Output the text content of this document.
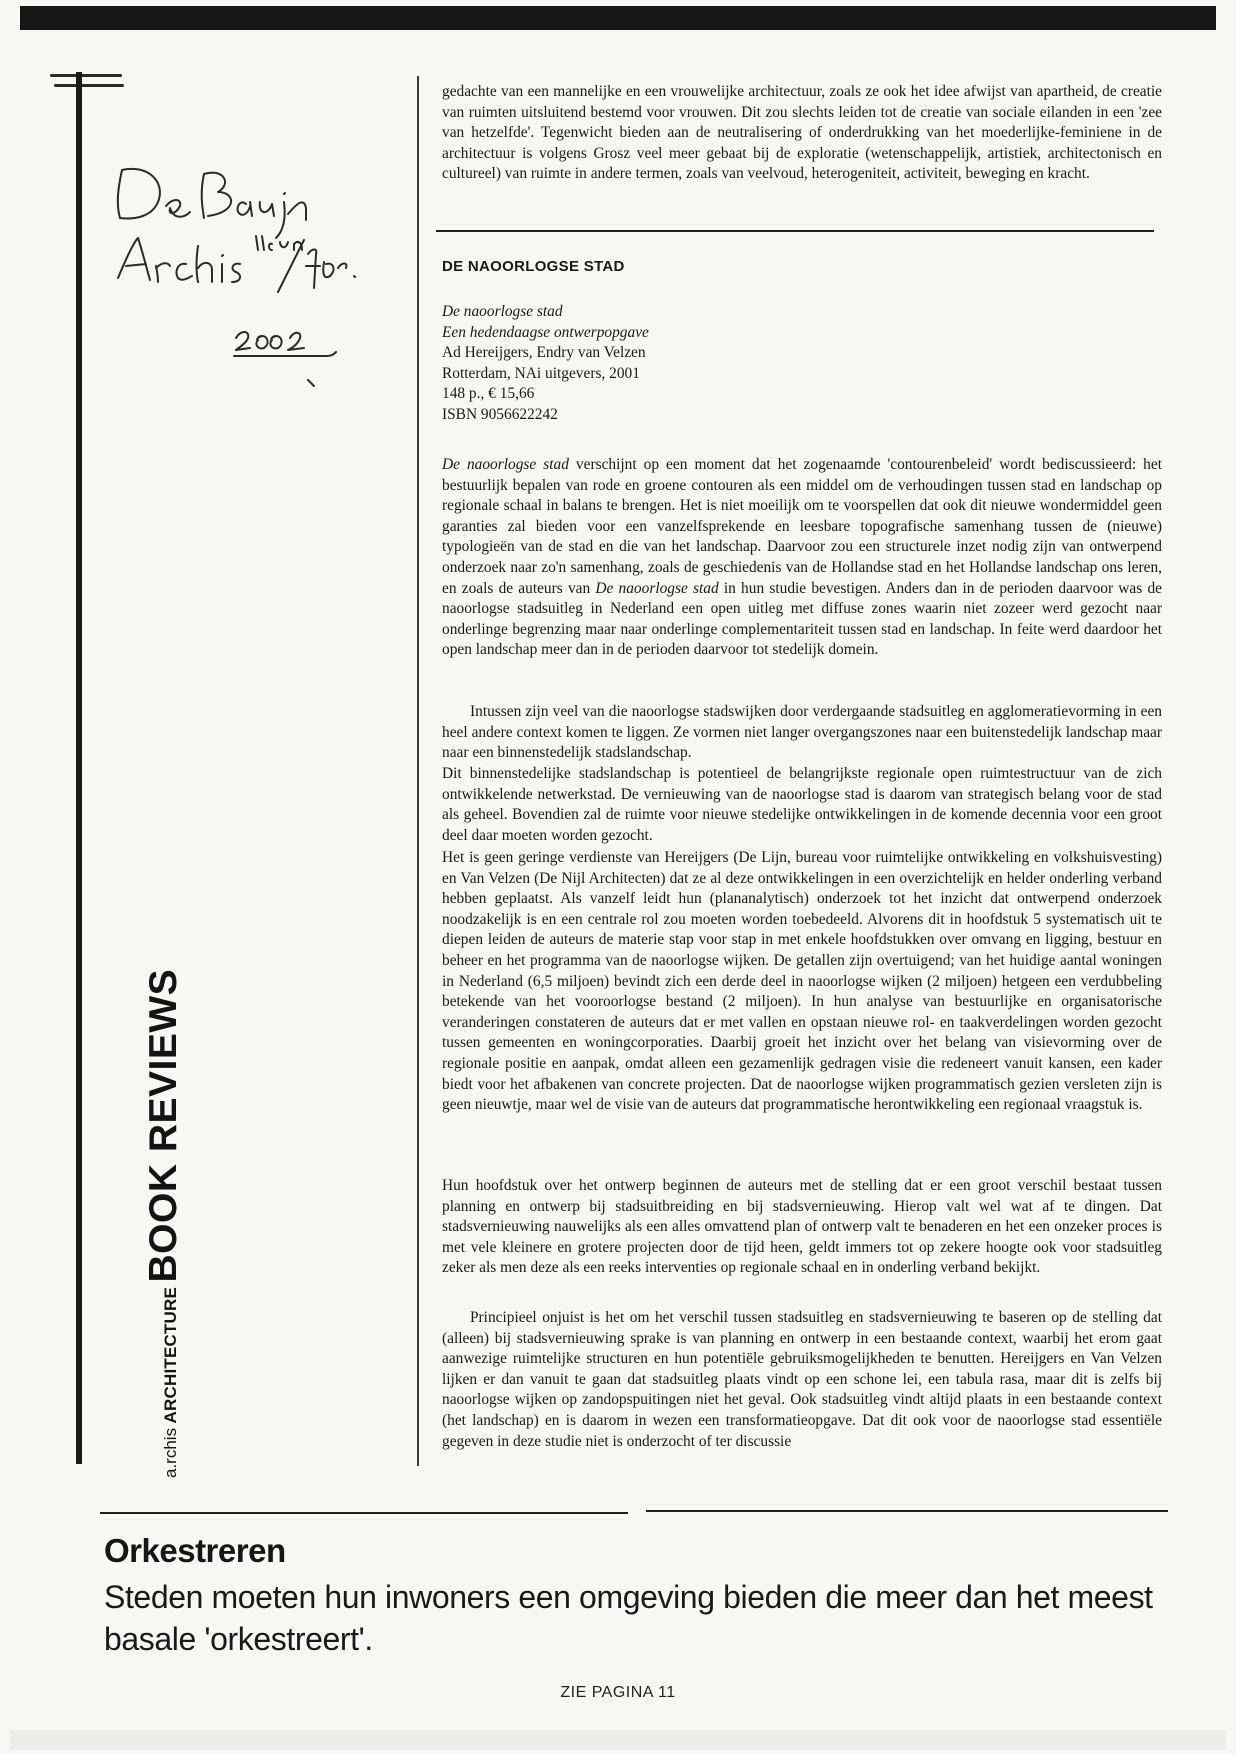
a.rchis ARCHITECTURE BOOK REVIEWS

gedachte van een mannelijke en een vrouwelijke architectuur, zoals ze ook het idee afwijst van apartheid, de creatie van ruimten uitsluitend bestemd voor vrouwen. Dit zou slechts leiden tot de creatie van sociale eilanden in een 'zee van hetzelfde'. Tegenwicht bieden aan de neutralisering of onderdrukking van het moederlijke-feminiene in de architectuur is volgens Grosz veel meer gebaat bij de exploratie (wetenschappelijk, artistiek, architectonisch en cultureel) van ruimte in andere termen, zoals van veelvoud, heterogeniteit, activiteit, beweging en kracht.

DE NAOORLOGSE STAD
De naoorlogse stad
Een hedendaagse ontwerpopgave
Ad Hereijgers, Endry van Velzen
Rotterdam, NAi uitgevers, 2001
148 p., € 15,66
ISBN 9056622242

De naoorlogse stad verschijnt op een moment dat het zogenaamde 'contourenbeleid' wordt bediscussieerd: het bestuurlijk bepalen van rode en groene contouren als een middel om de verhoudingen tussen stad en landschap op regionale schaal in balans te brengen. Het is niet moeilijk om te voorspellen dat ook dit nieuwe wondermiddel geen garanties zal bieden voor een vanzelfsprekende en leesbare topografische samenhang tussen de (nieuwe) typologieën van de stad en die van het landschap. Daarvoor zou een structurele inzet nodig zijn van ontwerpend onderzoek naar zo'n samenhang, zoals de geschiedenis van de Hollandse stad en het Hollandse landschap ons leren, en zoals de auteurs van De naoorlogse stad in hun studie bevestigen. Anders dan in de perioden daarvoor was de naoorlogse stadsuitleg in Nederland een open uitleg met diffuse zones waarin niet zozeer werd gezocht naar onderlinge begrenzing maar naar onderlinge complementariteit tussen stad en landschap. In feite werd daardoor het open landschap meer dan in de perioden daarvoor tot stedelijk domein.

Intussen zijn veel van die naoorlogse stadswijken door verdergaande stadsuitleg en agglomeratievorming in een heel andere context komen te liggen. Ze vormen niet langer overgangszones naar een buitenstedelijk landschap maar naar een binnenstedelijk stadslandschap.

Dit binnenstedelijke stadslandschap is potentieel de belangrijkste regionale open ruimtestructuur van de zich ontwikkelende netwerkstad. De vernieuwing van de naoorlogse stad is daarom van strategisch belang voor de stad als geheel. Bovendien zal de ruimte voor nieuwe stedelijke ontwikkelingen in de komende decennia voor een groot deel daar moeten worden gezocht.

Het is geen geringe verdienste van Hereijgers (De Lijn, bureau voor ruimtelijke ontwikkeling en volkshuisvesting) en Van Velzen (De Nijl Architecten) dat ze al deze ontwikkelingen in een overzichtelijk en helder onderling verband hebben geplaatst. Als vanzelf leidt hun (plananalytisch) onderzoek tot het inzicht dat ontwerpend onderzoek noodzakelijk is en een centrale rol zou moeten worden toebedeeld. Alvorens dit in hoofdstuk 5 systematisch uit te diepen leiden de auteurs de materie stap voor stap in met enkele hoofdstukken over omvang en ligging, bestuur en beheer en het programma van de naoorlogse wijken. De getallen zijn overtuigend; van het huidige aantal woningen in Nederland (6,5 miljoen) bevindt zich een derde deel in naoorlogse wijken (2 miljoen) hetgeen een verdubbeling betekende van het vooroorlogse bestand (2 miljoen). In hun analyse van bestuurlijke en organisatorische veranderingen constateren de auteurs dat er met vallen en opstaan nieuwe rol- en taakverdelingen worden gezocht tussen gemeenten en woningcorporaties. Daarbij groeit het inzicht over het belang van visievorming over de regionale positie en aanpak, omdat alleen een gezamenlijk gedragen visie die redeneert vanuit kansen, een kader biedt voor het afbakenen van concrete projecten. Dat de naoorlogse wijken programmatisch gezien versleten zijn is geen nieuwtje, maar wel de visie van de auteurs dat programmatische herontwikkeling een regionaal vraagstuk is.

Hun hoofdstuk over het ontwerp beginnen de auteurs met de stelling dat er een groot verschil bestaat tussen planning en ontwerp bij stadsuitbreiding en bij stadsvernieuwing. Hierop valt wel wat af te dingen. Dat stadsvernieuwing nauwelijks als een alles omvattend plan of ontwerp valt te benaderen en het een onzeker proces is met vele kleinere en grotere projecten door de tijd heen, geldt immers tot op zekere hoogte ook voor stadsuitleg zeker als men deze als een reeks interventies op regionale schaal en in onderling verband bekijkt.

Principieel onjuist is het om het verschil tussen stadsuitleg en stadsvernieuwing te baseren op de stelling dat (alleen) bij stadsvernieuwing sprake is van planning en ontwerp in een bestaande context, waarbij het erom gaat aanwezige ruimtelijke structuren en hun potentiële gebruiksmogelijkheden te benutten. Hereijgers en Van Velzen lijken er dan vanuit te gaan dat stadsuitleg plaats vindt op een schone lei, een tabula rasa, maar dit is zelfs bij naoorlogse wijken op zandopspuitingen niet het geval. Ook stadsuitleg vindt altijd plaats in een bestaande context (het landschap) en is daarom in wezen een transformatieopgave. Dat dit ook voor de naoorlogse stad essentiële gegeven in deze studie niet is onderzocht of ter discussie

Orkestreren
Steden moeten hun inwoners een omgeving bieden die meer dan het meest basale 'orkestreert'.
ZIE PAGINA 11
